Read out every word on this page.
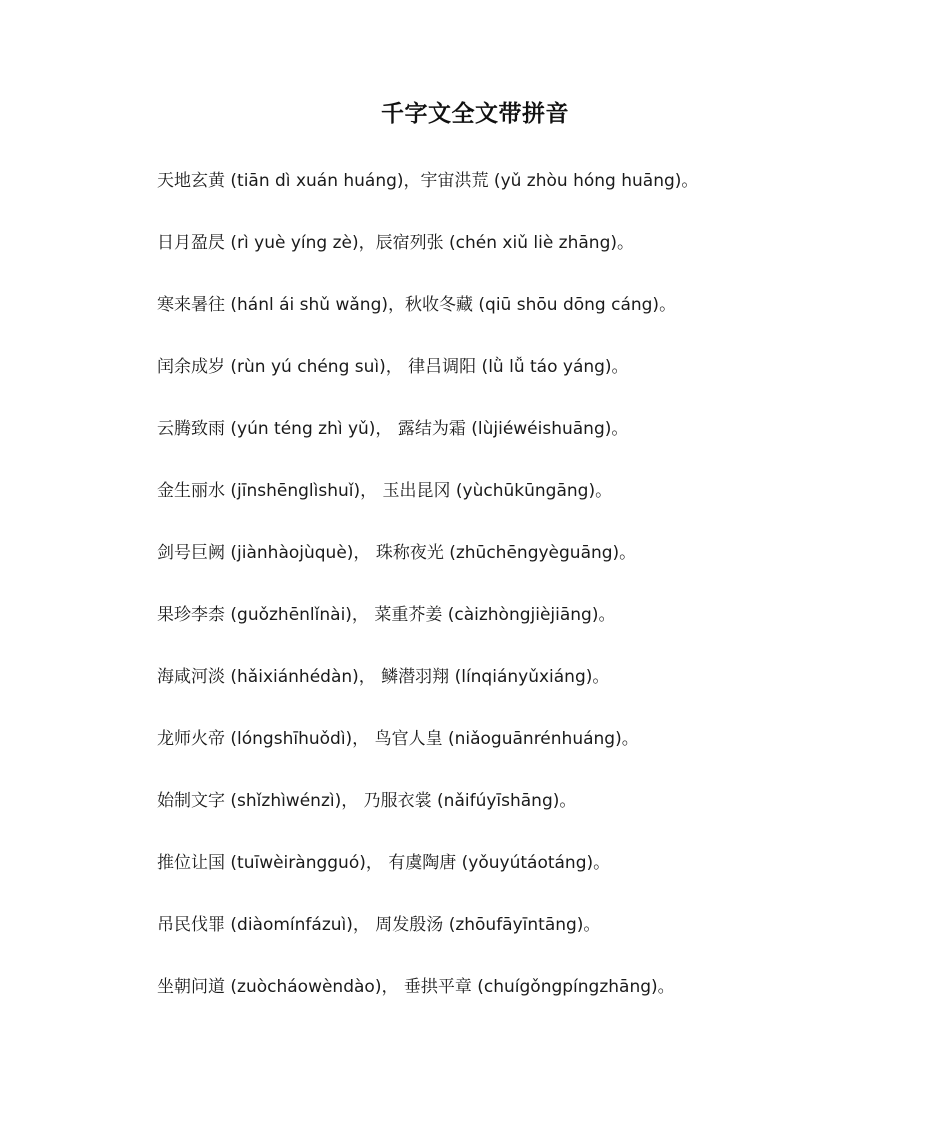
千字文全文带拼音
天地玄黄 (tiān dì xuán huáng)，宇宙洪荒 (yǔ zhòu hóng huāng)。
日月盈昃 (rì yuè yíng zè)，辰宿列张 (chén xiǔ liè zhāng)。
寒来暑往 (hánl ái shǔ wǎng)，秋收冬藏 (qiū shōu dōng cáng)。
闰余成岁 (rùn yú chéng suì)， 律吕调阳 (lǜ lǚ táo yáng)。
云腾致雨 (yún téng zhì yǔ)， 露结为霜 (lùjiéwéishuāng)。
金生丽水 (jīnshēnglìshuǐ)， 玉出昆冈 (yùchūkūngāng)。
剑号巨阙 (jiànhàojùquè)， 珠称夜光 (zhūchēngyèguāng)。
果珍李柰 (guǒzhēnlǐnài)， 菜重芥姜 (càizhòngjièjiāng)。
海咸河淡 (hǎixiánhédàn)， 鳞潜羽翔 (línqiányǔxiáng)。
龙师火帝 (lóngshīhuǒdì)， 鸟官人皇 (niǎoguānrénhuáng)。
始制文字 (shǐzhìwénzì)， 乃服衣裳 (nǎifúyīshāng)。
推位让国 (tuīwèiràngguó)， 有虞陶唐 (yǒuyútáotáng)。
吊民伐罪 (diàomínfázuì)， 周发殷汤 (zhōufāyīntāng)。
坐朝问道 (zuòcháowèndào)， 垂拱平章 (chuígǒngpíngzhāng)。
